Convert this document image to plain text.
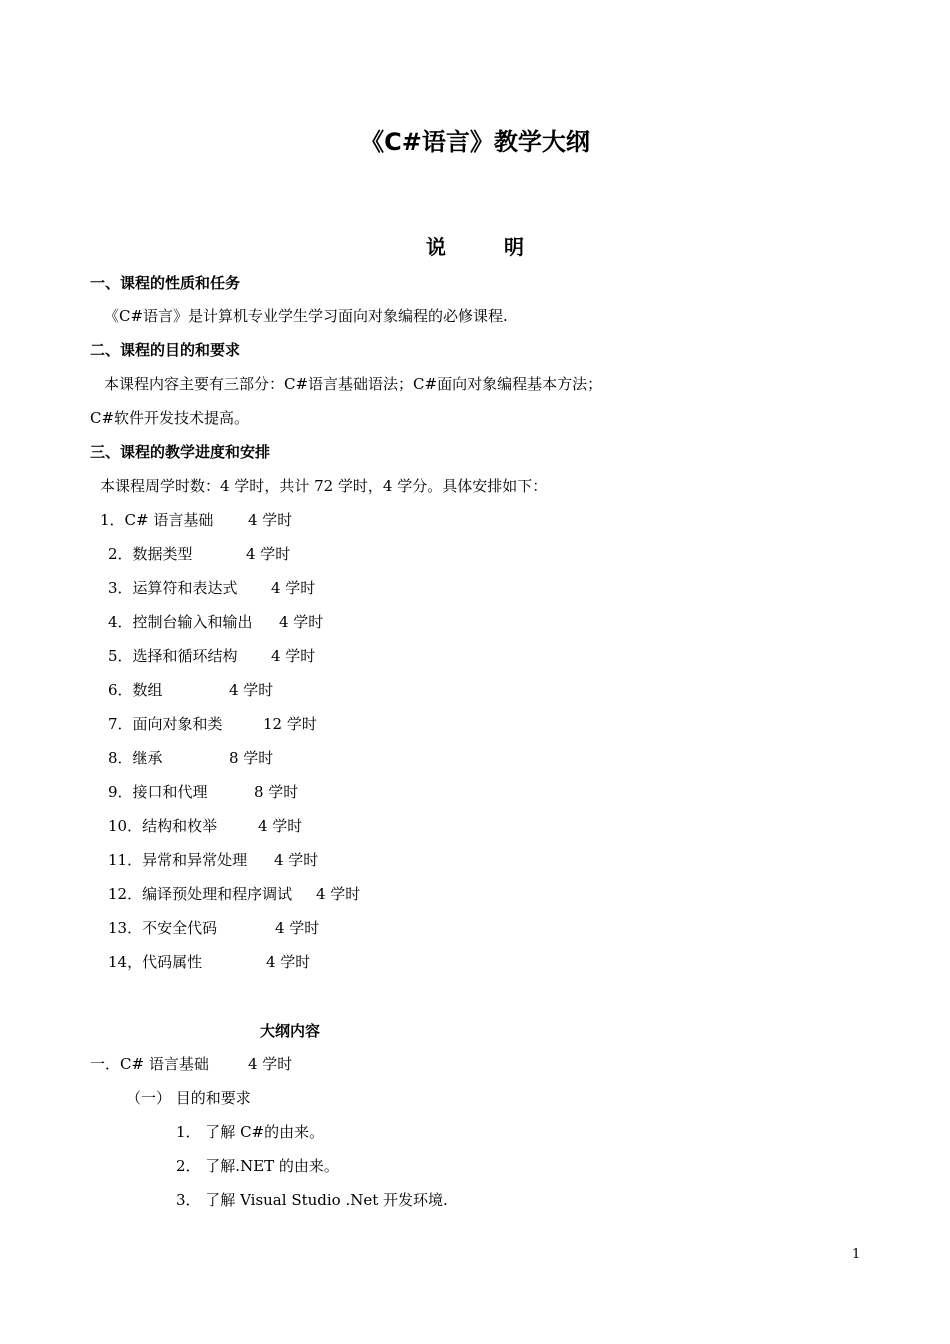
《C#语言》教学大纲
说	明
一、课程的性质和任务
《C#语言》是计算机专业学生学习面向对象编程的必修课程.
二、课程的目的和要求
本课程内容主要有三部分：C#语言基础语法；C#面向对象编程基本方法；
C#软件开发技术提高。
三、课程的教学进度和安排
本课程周学时数：4 学时，共计 72 学时，4 学分。具体安排如下：
1．C# 语言基础 4 学时
2．数据类型	4 学时
3．运算符和表达式 4 学时
4．控制台输入和输出 4 学时
5．选择和循环结构 4 学时
6．数组	4 学时
7．面向对象和类	12 学时
8．继承	8 学时
9．接口和代理	8 学时
10．结构和枚举	4 学时
11．异常和异常处理 4 学时
12．编译预处理和程序调试 4 学时
13．不安全代码	4 学时
14，代码属性	4 学时
大纲内容
一．C# 语言基础	4 学时
（一） 目的和要求
1． 了解 C#的由来。
2． 了解.NET 的由来。
3． 了解 Visual Studio .Net 开发环境.
1
